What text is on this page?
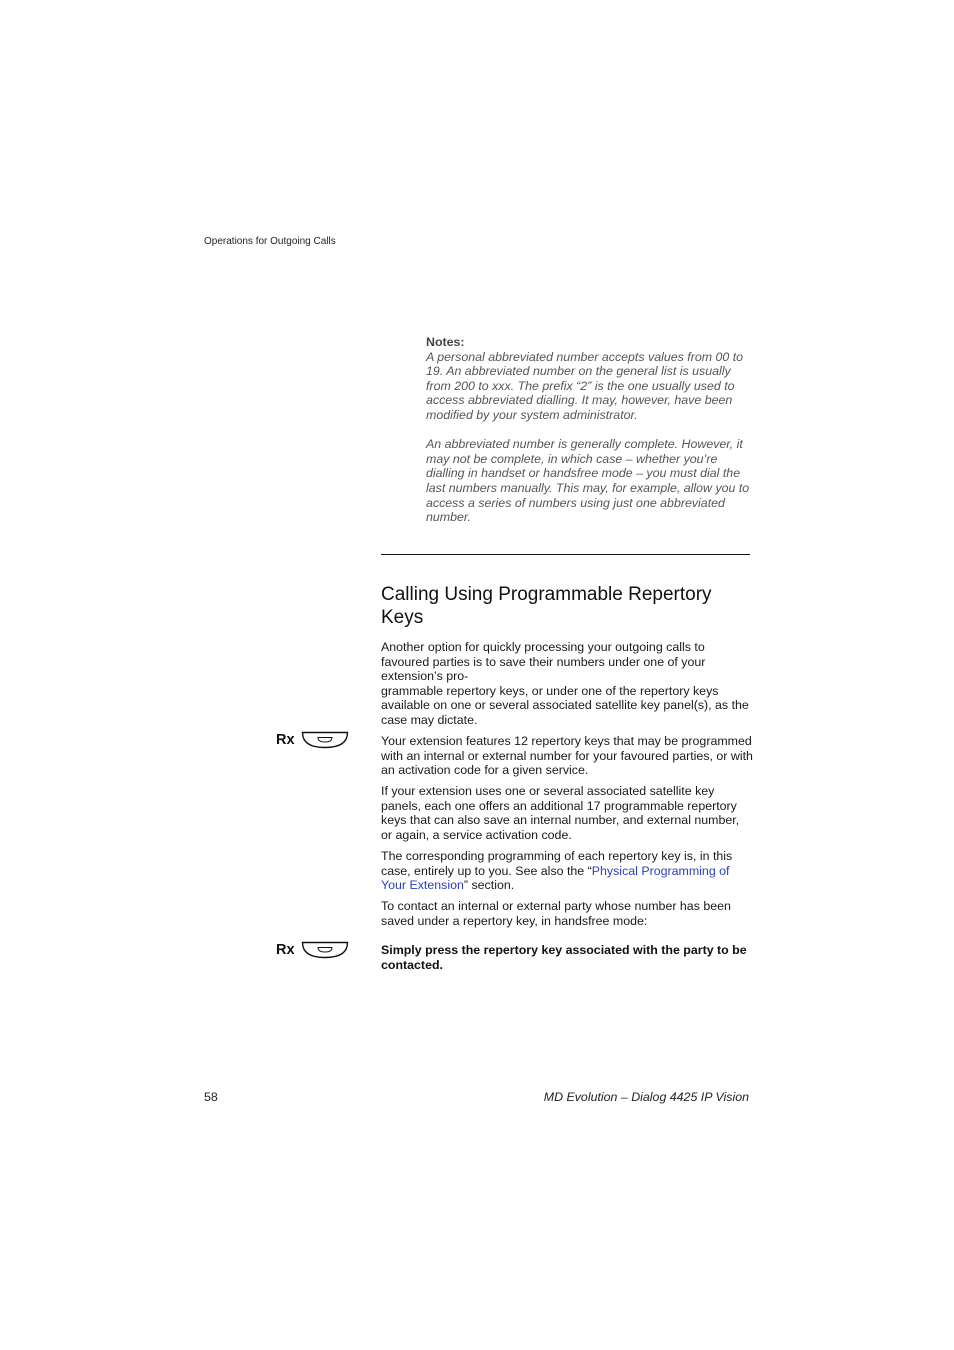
Operations for Outgoing Calls
Notes:

A personal abbreviated number accepts values from 00 to 19. An abbreviated number on the general list is usually from 200 to xxx. The prefix “2” is the one usually used to access abbreviated dialling. It may, however, have been modified by your system administrator.

An abbreviated number is generally complete. However, it may not be complete, in which case – whether you’re dialling in handset or handsfree mode – you must dial the last numbers manually. This may, for example, allow you to access a series of numbers using just one abbreviated number.

Calling Using Programmable Repertory Keys
Another option for quickly processing your outgoing calls to favoured parties is to save their numbers under one of your extension’s pro-
grammable repertory keys, or under one of the repertory keys available on one or several associated satellite key panel(s), as the case may dictate.
Rx	Your extension features 12 repertory keys that may be programmed with an internal or external number for your favoured parties, or with an activation code for a given service.

If your extension uses one or several associated satellite key panels, each one offers an additional 17 programmable repertory keys that can also save an internal number, and external number, or again, a service activation code.

The corresponding programming of each repertory key is, in this case, entirely up to you. See also the “Physical Programming of Your Extension” section.

To contact an internal or external party whose number has been saved under a repertory key, in handsfree mode:

Rx	Simply press the repertory key associated with the party to be contacted.

58	MD Evolution – Dialog 4425 IP Vision
